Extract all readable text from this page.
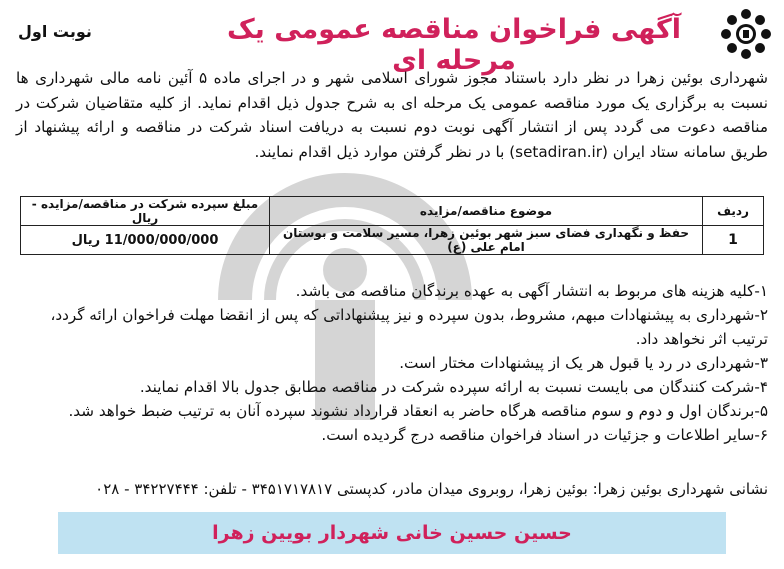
آگهی فراخوان مناقصه عمومی یک مرحله ای
نوبت اول
شهرداری بوئین زهرا در نظر دارد باستناد مجوز شورای اسلامی شهر و در اجرای ماده ۵ آئین نامه مالی شهرداری ها نسبت به برگزاری یک مورد مناقصه عمومی یک مرحله ای به شرح جدول ذیل اقدام نماید. از کلیه متقاضیان شرکت در مناقصه دعوت می گردد پس از انتشار آگهی نوبت دوم نسبت به دریافت اسناد شرکت در مناقصه و ارائه پیشنهاد از طریق سامانه ستاد ایران (setadiran.ir) با در نظر گرفتن موارد ذیل اقدام نمایند.
ردیف	موضوع مناقصه/مزایده	مبلغ سپرده شرکت در مناقصه/مزایده - ریال
1	حفظ و نگهداری فضای سبز شهر بوئین زهرا، مسیر سلامت و بوستان امام علی (ع)	11/000/000/000 ریال
۱-کلیه هزینه های مربوط به انتشار آگهی به عهده برندگان مناقصه می باشد.
۲-شهرداری به پیشنهادات مبهم، مشروط، بدون سپرده و نیز پیشنهاداتی که پس از انقضا مهلت فراخوان ارائه گردد، ترتیب اثر نخواهد داد.
۳-شهرداری در رد یا قبول هر یک از پیشنهادات مختار است.
۴-شرکت کنندگان می بایست نسبت به ارائه سپرده شرکت در مناقصه مطابق جدول بالا اقدام نمایند.
۵-برندگان اول و دوم و سوم مناقصه هرگاه حاضر به انعقاد قرارداد نشوند سپرده آنان به ترتیب ضبط خواهد شد.
۶-سایر اطلاعات و جزئیات در اسناد فراخوان مناقصه درج گردیده است.
نشانی شهرداری بوئین زهرا: بوئین زهرا، روبروی میدان مادر، کدپستی ۳۴۵۱۷۱۷۸۱۷ - تلفن: ۳۴۲۲۷۴۴۴ - ۰۲۸
حسین حسین خانی شهردار بویین زهرا
